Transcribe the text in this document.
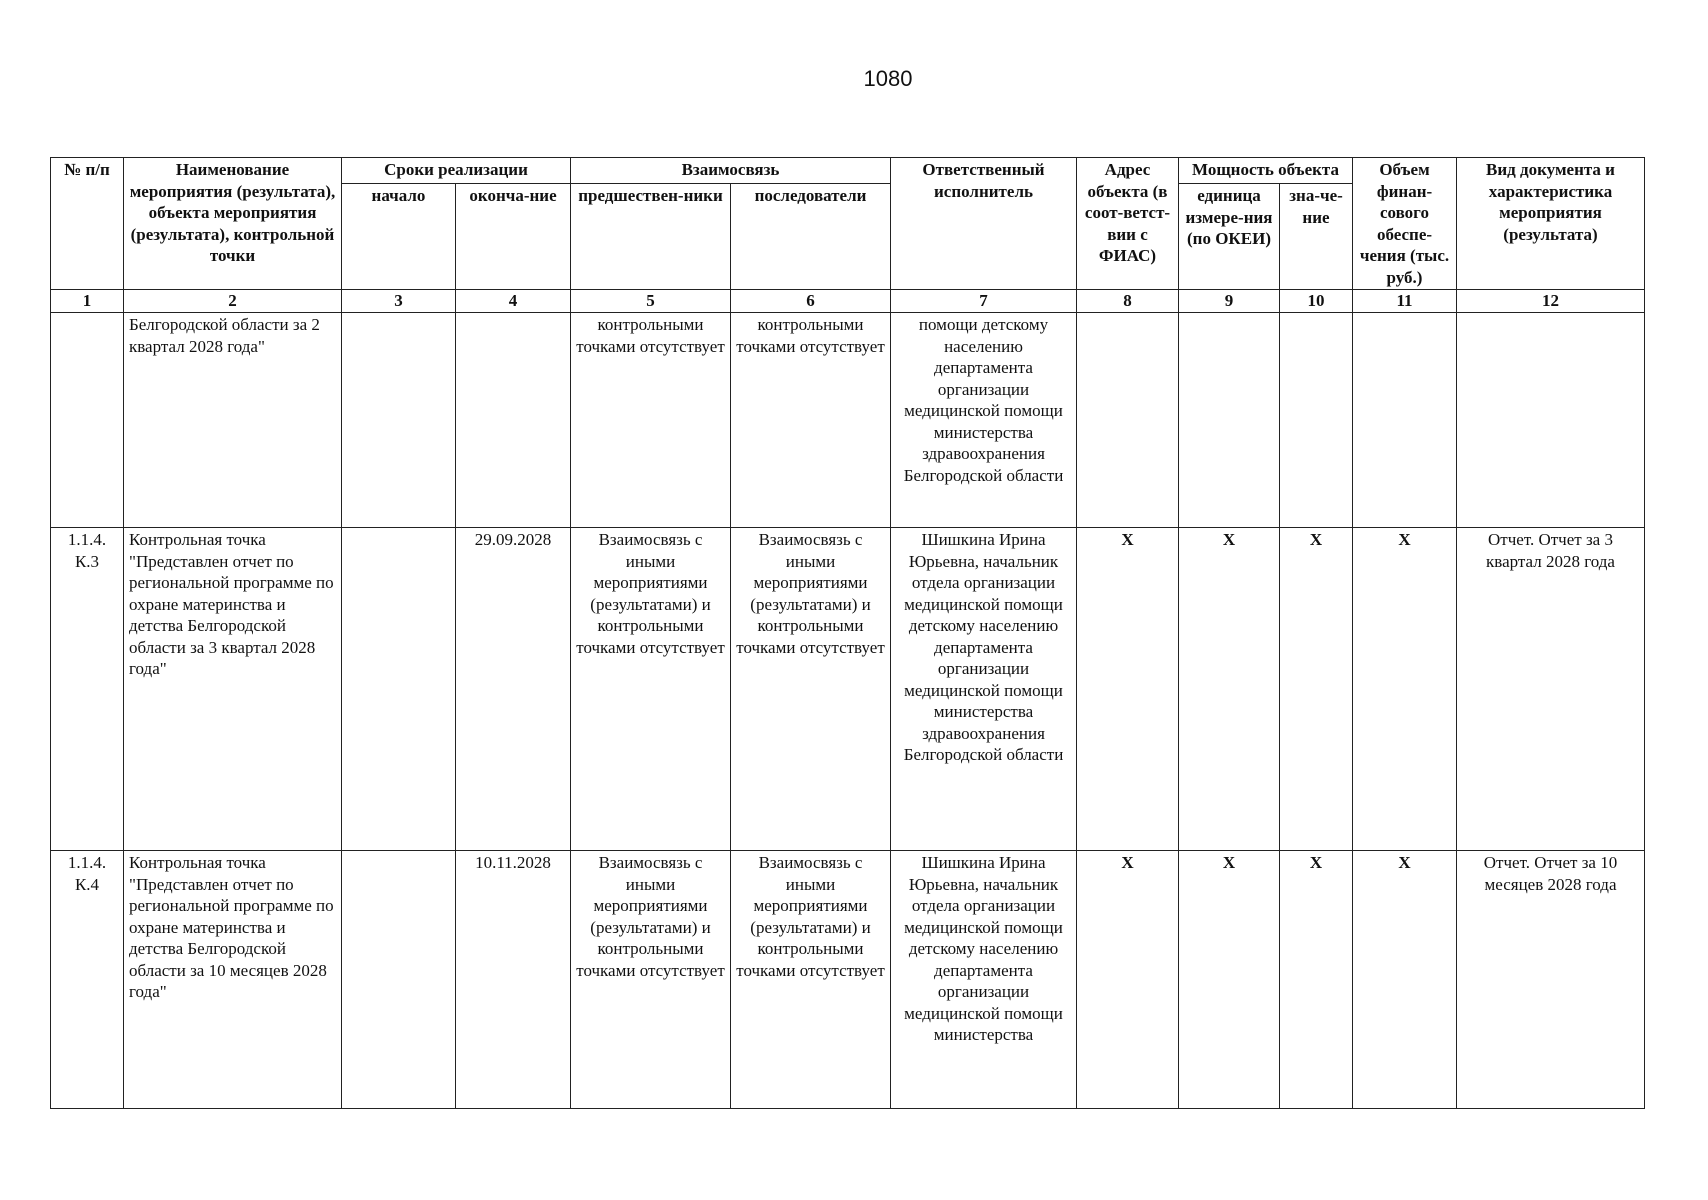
1080
№ п/п	Наименование мероприятия (результата), объекта мероприятия (результата), контрольной точки	Сроки реализации		Взаимосвязь		Ответственный исполнитель	Адрес объекта (в соот-ветст-вии с ФИАС)	Мощность объекта		Объем финан-сового обеспе-чения (тыс. руб.)	Вид документа и характеристика мероприятия (результата)
		начало	оконча-ние	предшествен-ники	последователи			единица измере-ния (по ОКЕИ)	зна-че-ние		
1	2	3	4	5	6	7	8	9	10	11	12
	Белгородской области за 2 квартал 2028 года"			контрольными точками отсутствует	контрольными точками отсутствует	помощи детскому населению департамента организации медицинской помощи министерства здравоохранения Белгородской области					
1.1.4. К.3	Контрольная точка "Представлен отчет по региональной программе по охране материнства и детства Белгородской области за 3 квартал 2028 года"		29.09.2028	Взаимосвязь с иными мероприятиями (результатами) и контрольными точками отсутствует	Взаимосвязь с иными мероприятиями (результатами) и контрольными точками отсутствует	Шишкина Ирина Юрьевна, начальник отдела организации медицинской помощи детскому населению департамента организации медицинской помощи министерства здравоохранения Белгородской области	Х	Х	Х	Х	Отчет. Отчет за 3 квартал 2028 года
1.1.4. К.4	Контрольная точка "Представлен отчет по региональной программе по охране материнства и детства Белгородской области за 10 месяцев 2028 года"		10.11.2028	Взаимосвязь с иными мероприятиями (результатами) и контрольными точками отсутствует	Взаимосвязь с иными мероприятиями (результатами) и контрольными точками отсутствует	Шишкина Ирина Юрьевна, начальник отдела организации медицинской помощи детскому населению департамента организации медицинской помощи министерства	Х	Х	Х	Х	Отчет. Отчет за 10 месяцев 2028 года
